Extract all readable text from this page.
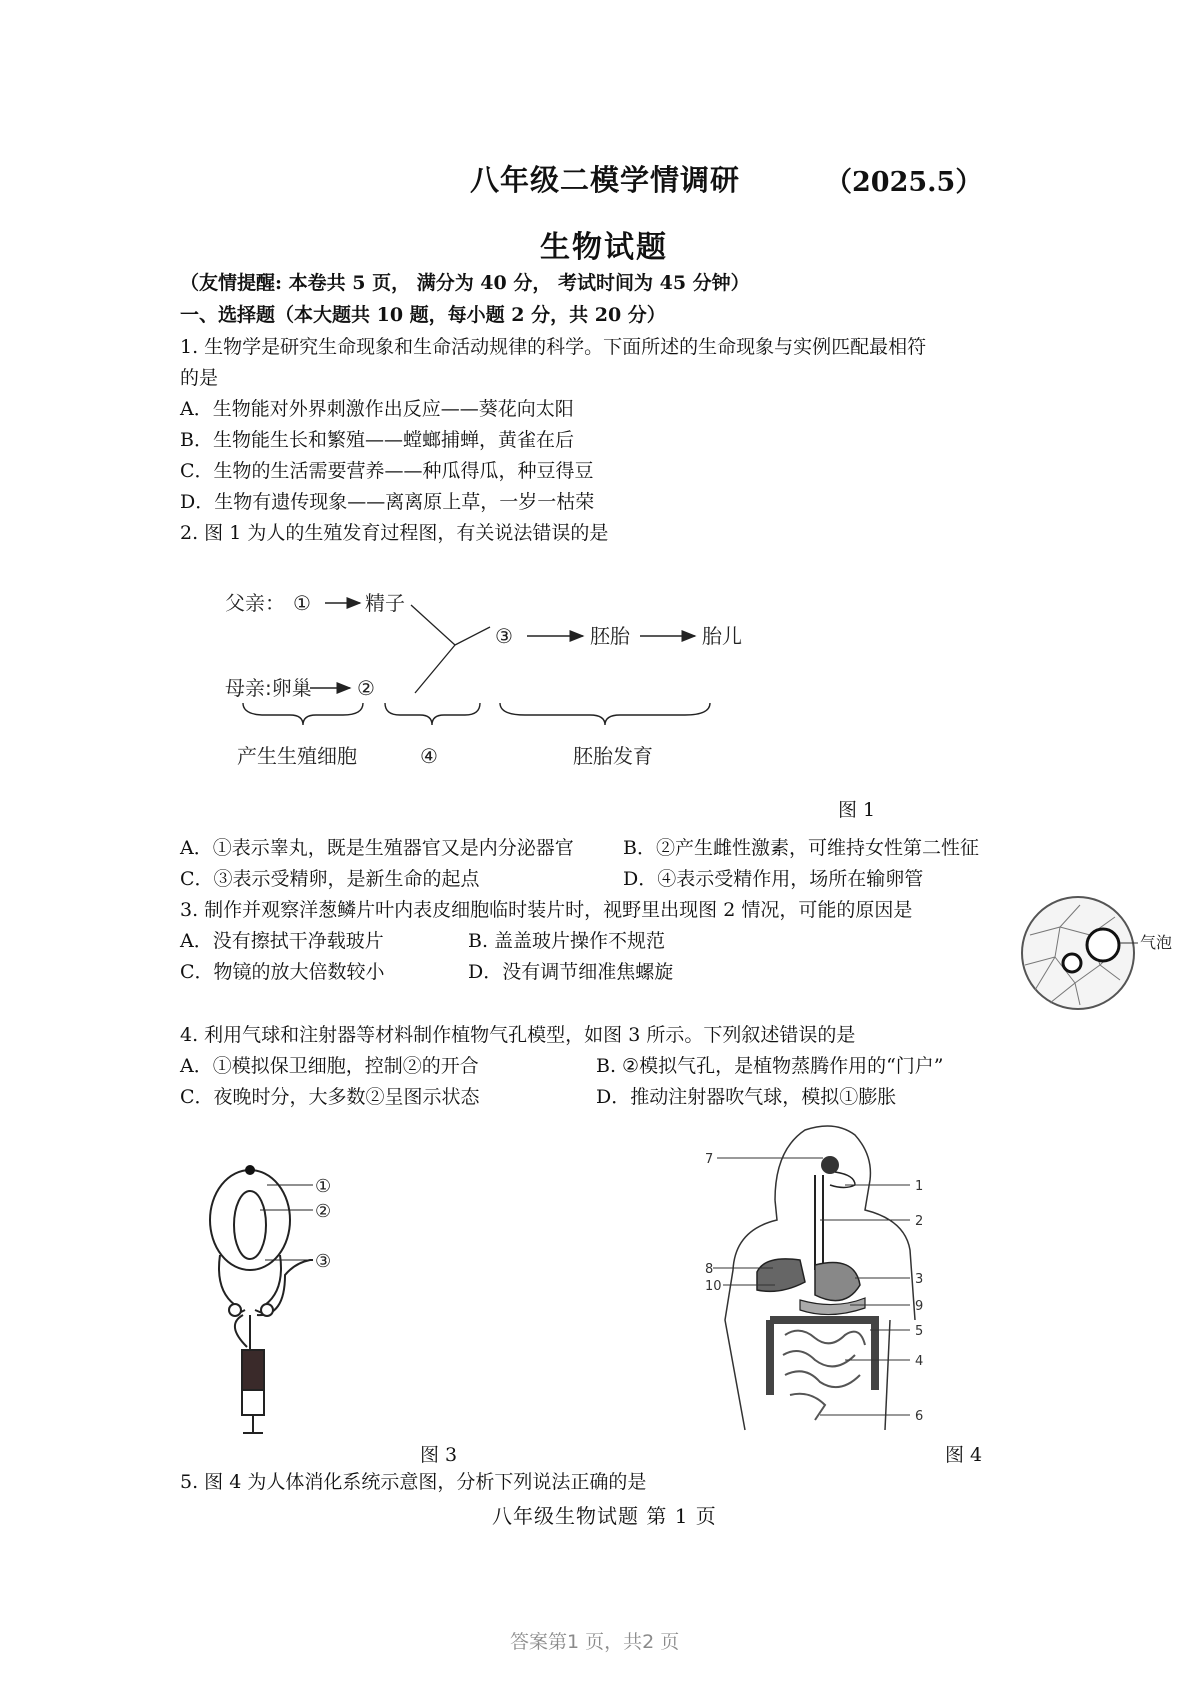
八年级二模学情调研	（2025.5）
生物试题
（友情提醒: 本卷共 5 页， 满分为 40 分， 考试时间为 45 分钟）
一、选择题（本大题共 10 题，每小题 2 分，共 20 分）
1. 生物学是研究生命现象和生命活动规律的科学。下面所述的生命现象与实例匹配最相符
的是
A．生物能对外界刺激作出反应——葵花向太阳
B．生物能生长和繁殖——螳螂捕蝉，黄雀在后
C．生物的生活需要营养——种瓜得瓜，种豆得豆
D．生物有遗传现象——离离原上草，一岁一枯荣
2. 图 1 为人的生殖发育过程图，有关说法错误的是
父亲： ①	精子
③	胚胎	胎儿
母亲:卵巢 ②
产生生殖细胞	④	胚胎发育
图 1
A．①表示睾丸，既是生殖器官又是内分泌器官	B．②产生雌性激素，可维持女性第二性征
C．③表示受精卵，是新生命的起点	D．④表示受精作用，场所在输卵管
3. 制作并观察洋葱鳞片叶内表皮细胞临时装片时，视野里出现图 2 情况，可能的原因是
A．没有擦拭干净载玻片	B. 盖盖玻片操作不规范
C．物镜的放大倍数较小	D．没有调节细准焦螺旋
气泡
4. 利用气球和注射器等材料制作植物气孔模型，如图 3 所示。下列叙述错误的是
A．①模拟保卫细胞，控制②的开合	B. ②模拟气孔，是植物蒸腾作用的“门户”
C．夜晚时分，大多数②呈图示状态	D．推动注射器吹气球，模拟①膨胀
①
②
③
图 3
7
1
2
8
10	3
9
5
4
6
图 4
5. 图 4 为人体消化系统示意图，分析下列说法正确的是
八年级生物试题 第 1 页
答案第1 页，共2 页
